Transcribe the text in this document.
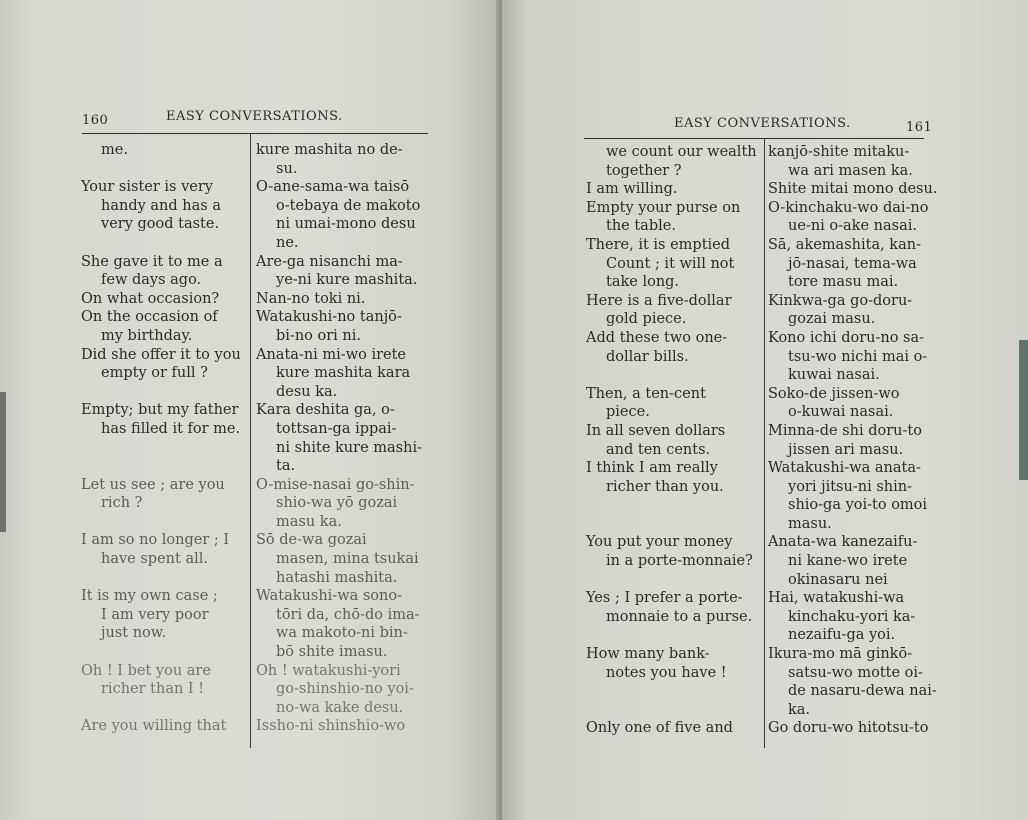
160	EASY CONVERSATIONS.

me.

Your sister is very

handy and has a

very good taste.

She gave it to me a

few days ago.

On what occasion?

On the occasion of

my birthday.

Did she offer it to you

empty or full ?

Empty; but my father

has filled it for me.

Let us see ; are you

rich ?

I am so no longer ; I

have spent all.

It is my own case ;

I am very poor

just now.

Oh ! I bet you are

richer than I !

Are you willing that

kure mashita no de-

su.

O-ane-sama-wa taisō

o-tebaya de makoto

ni umai-mono desu

ne.

Are-ga nisanchi ma-

ye-ni kure mashita.

Nan-no toki ni.

Watakushi-no tanjō-

bi-no ori ni.

Anata-ni mi-wo irete

kure mashita kara

desu ka.

Kara deshita ga, o-

tottsan-ga ippai-

ni shite kure mashi-

ta.

O-mise-nasai go-shin-

shio-wa yō gozai

masu ka.

Sō de-wa gozai

masen, mina tsukai

hatashi mashita.

Watakushi-wa sono-

tōri da, chō-do ima-

wa makoto-ni bin-

bō shite imasu.

Oh ! watakushi-yori

go-shinshio-no yoi-

no-wa kake desu.

Issho-ni shinshio-wo

EASY CONVERSATIONS.	161

we count our wealth

together ?

I am willing.

Empty your purse on

the table.

There, it is emptied

Count ; it will not

take long.

Here is a five-dollar

gold piece.

Add these two one-

dollar bills.

Then, a ten-cent

piece.

In all seven dollars

and ten cents.

I think I am really

richer than you.

You put your money

in a porte-monnaie?

Yes ; I prefer a porte-

monnaie to a purse.

How many bank-

notes you have !

Only one of five and

kanjō-shite mitaku-

wa ari masen ka.

Shite mitai mono desu.

O-kinchaku-wo dai-no

ue-ni o-ake nasai.

Sā, akemashita, kan-

jō-nasai, tema-wa

tore masu mai.

Kinkwa-ga go-doru-

gozai masu.

Kono ichi doru-no sa-

tsu-wo nichi mai o-

kuwai nasai.

Soko-de jissen-wo

o-kuwai nasai.

Minna-de shi doru-to

jissen ari masu.

Watakushi-wa anata-

yori jitsu-ni shin-

shio-ga yoi-to omoi

masu.

Anata-wa kanezaifu-

ni kane-wo irete

okinasaru nei

Hai, watakushi-wa

kinchaku-yori ka-

nezaifu-ga yoi.

Ikura-mo mā ginkō-

satsu-wo motte oi-

de nasaru-dewa nai-

ka.

Go doru-wo hitotsu-to
